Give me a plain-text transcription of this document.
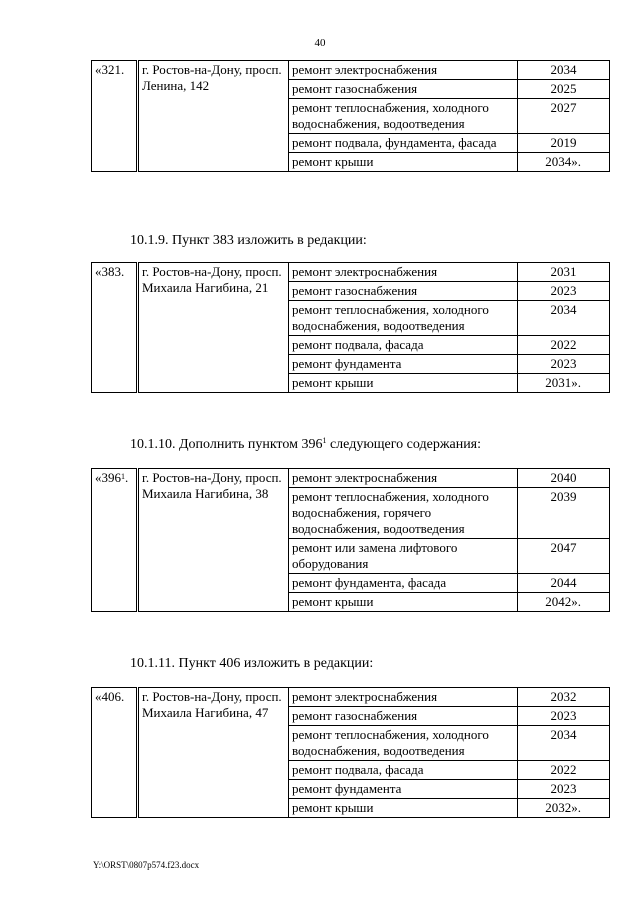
40
«321.	г. Ростов-на-Дону, просп. Ленина, 142	ремонт электроснабжения	2034
		ремонт газоснабжения	2025
		ремонт теплоснабжения, холодного водоснабжения, водоотведения	2027
		ремонт подвала, фундамента, фасада	2019
		ремонт крыши	2034».
10.1.9. Пункт 383 изложить в редакции:
«383.	г. Ростов-на-Дону, просп. Михаила Нагибина, 21	ремонт электроснабжения	2031
		ремонт газоснабжения	2023
		ремонт теплоснабжения, холодного водоснабжения, водоотведения	2034
		ремонт подвала, фасада	2022
		ремонт фундамента	2023
		ремонт крыши	2031».
10.1.10. Дополнить пунктом $396^1$ следующего содержания:
«$396^1$.	г. Ростов-на-Дону, просп. Михаила Нагибина, 38	ремонт электроснабжения	2040
		ремонт теплоснабжения, холодного водоснабжения, горячего водоснабжения, водоотведения	2039
		ремонт или замена лифтового оборудования	2047
		ремонт фундамента, фасада	2044
		ремонт крыши	2042».
10.1.11. Пункт 406 изложить в редакции:
«406.	г. Ростов-на-Дону, просп. Михаила Нагибина, 47	ремонт электроснабжения	2032
		ремонт газоснабжения	2023
		ремонт теплоснабжения, холодного водоснабжения, водоотведения	2034
		ремонт подвала, фасада	2022
		ремонт фундамента	2023
		ремонт крыши	2032».
Y:\ORST\0807p574.f23.docx
